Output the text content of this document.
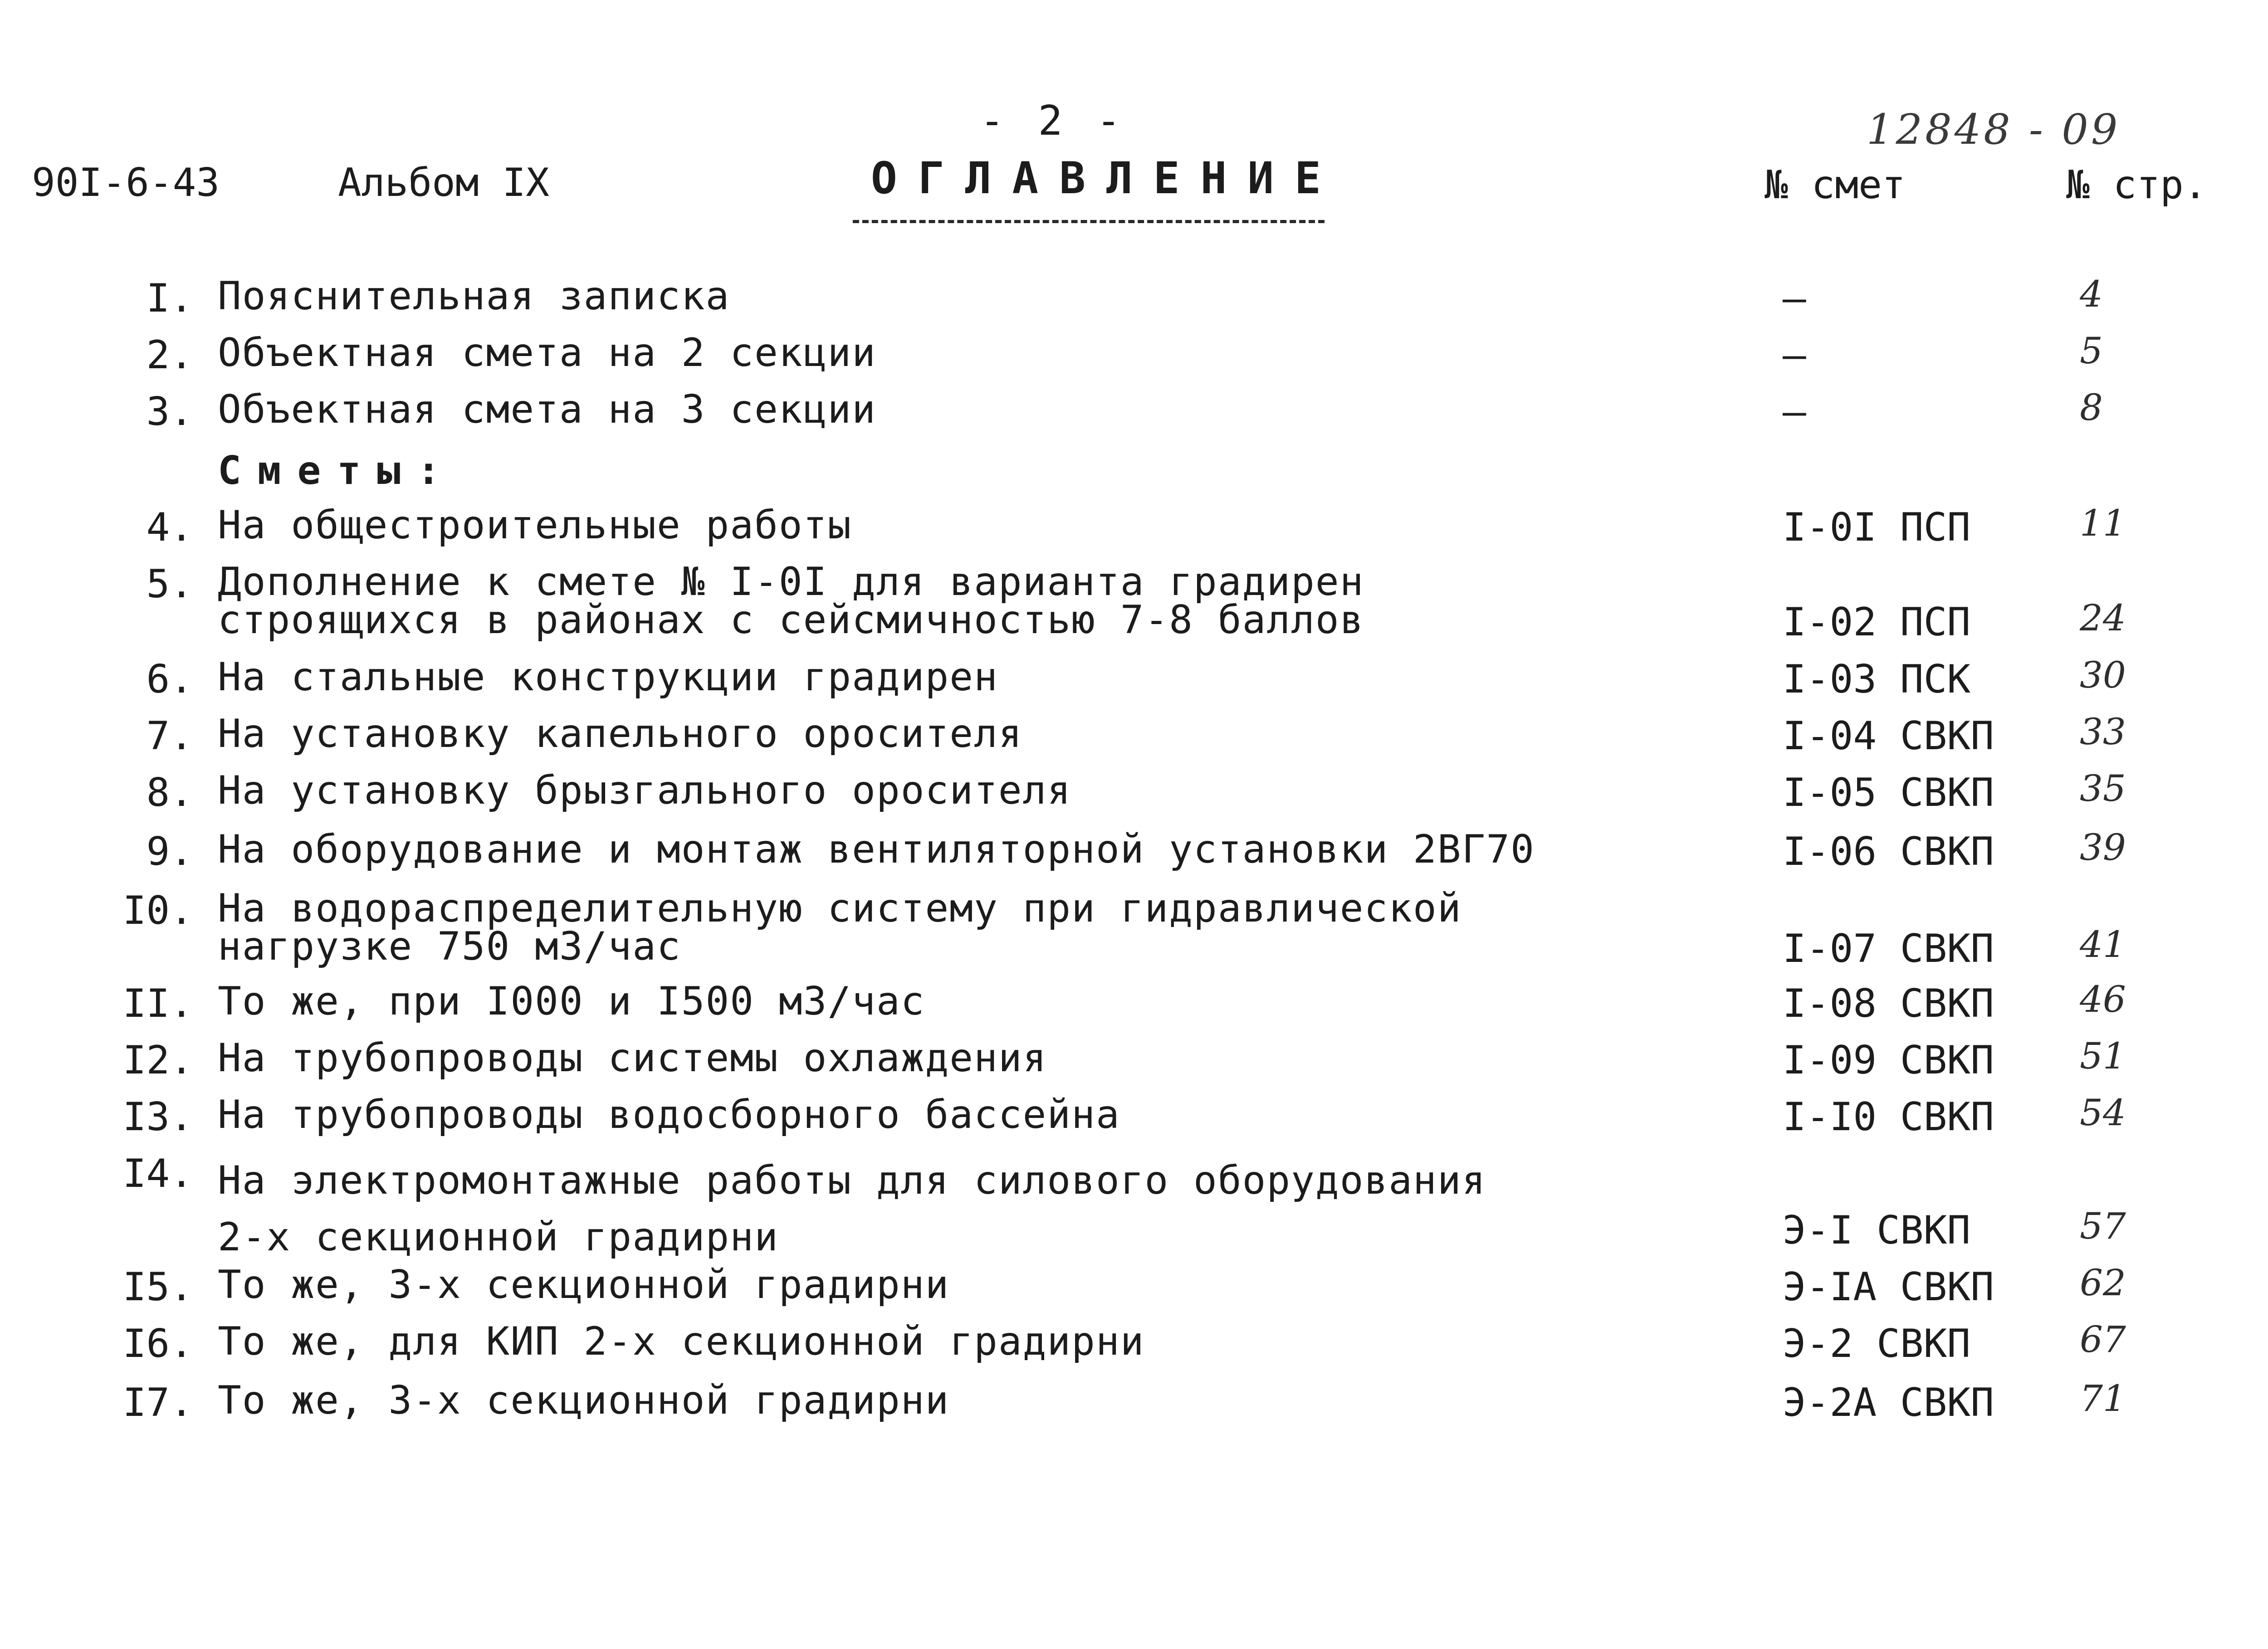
- 2 -
90I-6-43	Альбом IX	ОГЛАВЛЕНИЕ
12848 - 09
№ смет	№ стр.
Сметы:
I. Пояснительная записка	–	4
2. Объектная смета на 2 секции	–	5
3. Объектная смета на 3 секции	–	8
4. На общестроительные работы	I-0I ПСП	11
5. Дополнение к смете № I-0I для варианта градирен
строящихся в районах с сейсмичностью 7-8 баллов	I-02 ПСП	24
6. На стальные конструкции градирен	I-03 ПСК	30
7. На установку капельного оросителя	I-04 СВКП 33
8. На установку брызгального оросителя	I-05 СВКП 35
9. На оборудование и монтаж вентиляторной установки 2ВГ70	I-06 СВКП 39
I0. На водораспределительную систему при гидравлической
нагрузке 750 м3/час	I-07 СВКП 41
II. То же, при I000 и I500 м3/час	I-08 СВКП 46
I2. На трубопроводы системы охлаждения	I-09 СВКП 51
I3. На трубопроводы водосборного бассейна	I-I0 СВКП 54
I4. На электромонтажные работы для силового оборудования
2-х секционной градирни	Э-I СВКП	57
I5. То же, 3-х секционной градирни	Э-IА СВКП 62
I6. То же, для КИП 2-х секционной градирни	Э-2 СВКП	67
I7. То же, 3-х секционной градирни	Э-2А СВКП 71
